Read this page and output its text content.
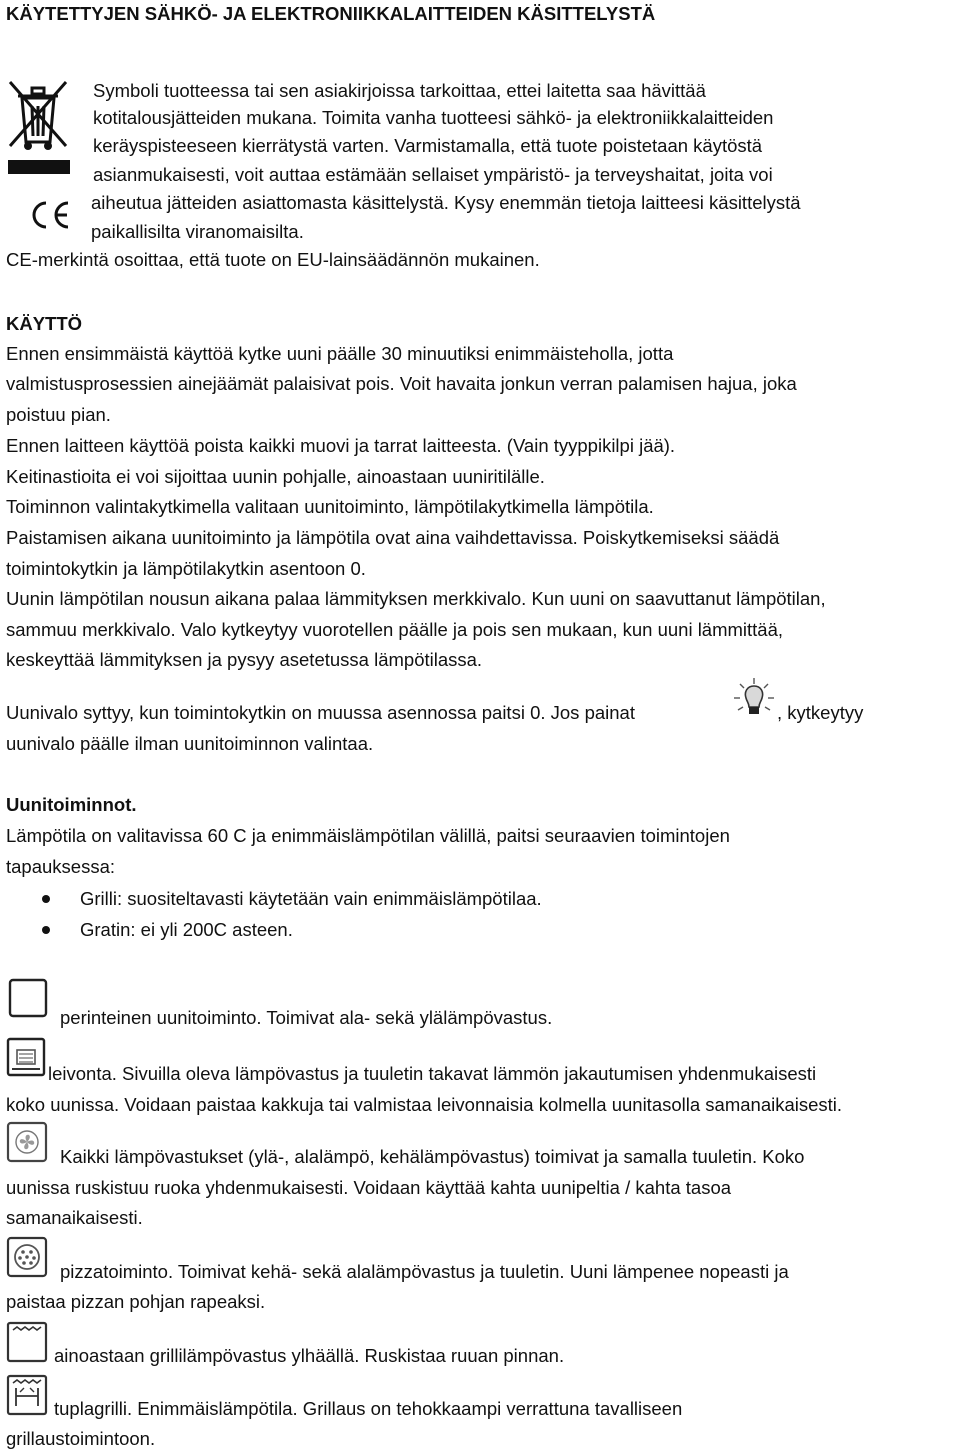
KÄYTETTYJEN SÄHKÖ- JA ELEKTRONIIKKALAITTEIDEN KÄSITTELYSTÄ
Symboli tuotteessa tai sen asiakirjoissa tarkoittaa, ettei laitetta saa hävittää
kotitalousjätteiden mukana. Toimita vanha tuotteesi sähkö- ja elektroniikkalaitteiden
keräyspisteeseen kierrätystä varten. Varmistamalla, että tuote poistetaan käytöstä
asianmukaisesti, voit auttaa estämään sellaiset ympäristö- ja terveyshaitat, joita voi
aiheutua jätteiden asiattomasta käsittelystä. Kysy enemmän tietoja laitteesi käsittelystä
paikallisilta viranomaisilta.
CE-merkintä osoittaa, että tuote on EU-lainsäädännön mukainen.
KÄYTTÖ
Ennen ensimmäistä käyttöä kytke uuni päälle 30 minuutiksi enimmäisteholla, jotta
valmistusprosessien ainejäämät palaisivat pois. Voit havaita jonkun verran palamisen hajua, joka
poistuu pian.
Ennen laitteen käyttöä poista kaikki muovi ja tarrat laitteesta. (Vain tyyppikilpi jää).
Keitinastioita ei voi sijoittaa uunin pohjalle, ainoastaan uuniritilälle.
Toiminnon valintakytkimella valitaan uunitoiminto, lämpötilakytkimella lämpötila.
Paistamisen aikana uunitoiminto ja lämpötila ovat aina vaihdettavissa. Poiskytkemiseksi säädä
toimintokytkin ja lämpötilakytkin asentoon 0.
Uunin lämpötilan nousun aikana palaa lämmityksen merkkivalo. Kun uuni on saavuttanut lämpötilan,
sammuu merkkivalo. Valo kytkeytyy vuorotellen päälle ja pois sen mukaan, kun uuni lämmittää,
keskeyttää lämmityksen ja pysyy asetetussa lämpötilassa.
Uunivalo syttyy, kun toimintokytkin on muussa asennossa paitsi 0. Jos painat	, kytkeytyy
uunivalo päälle ilman uunitoiminnon valintaa.
Uunitoiminnot.
Lämpötila on valitavissa 60 C ja enimmäislämpötilan välillä, paitsi seuraavien toimintojen
tapauksessa:
Grilli: suositeltavasti käytetään vain enimmäislämpötilaa.
Gratin: ei yli 200C asteen.
perinteinen uunitoiminto. Toimivat ala- sekä ylälämpövastus.
leivonta. Sivuilla oleva lämpövastus ja tuuletin takavat lämmön jakautumisen yhdenmukaisesti
koko uunissa. Voidaan paistaa kakkuja tai valmistaa leivonnaisia kolmella uunitasolla samanaikaisesti.
Kaikki lämpövastukset (ylä-, alalämpö, kehälämpövastus) toimivat ja samalla tuuletin. Koko
uunissa ruskistuu ruoka yhdenmukaisesti. Voidaan käyttää kahta uunipeltia / kahta tasoa
samanaikaisesti.
pizzatoiminto. Toimivat kehä- sekä alalämpövastus ja tuuletin. Uuni lämpenee nopeasti ja
paistaa pizzan pohjan rapeaksi.
ainoastaan grillilämpövastus ylhäällä. Ruskistaa ruuan pinnan.
tuplagrilli. Enimmäislämpötila. Grillaus on tehokkaampi verrattuna tavalliseen
grillaustoimintoon.
